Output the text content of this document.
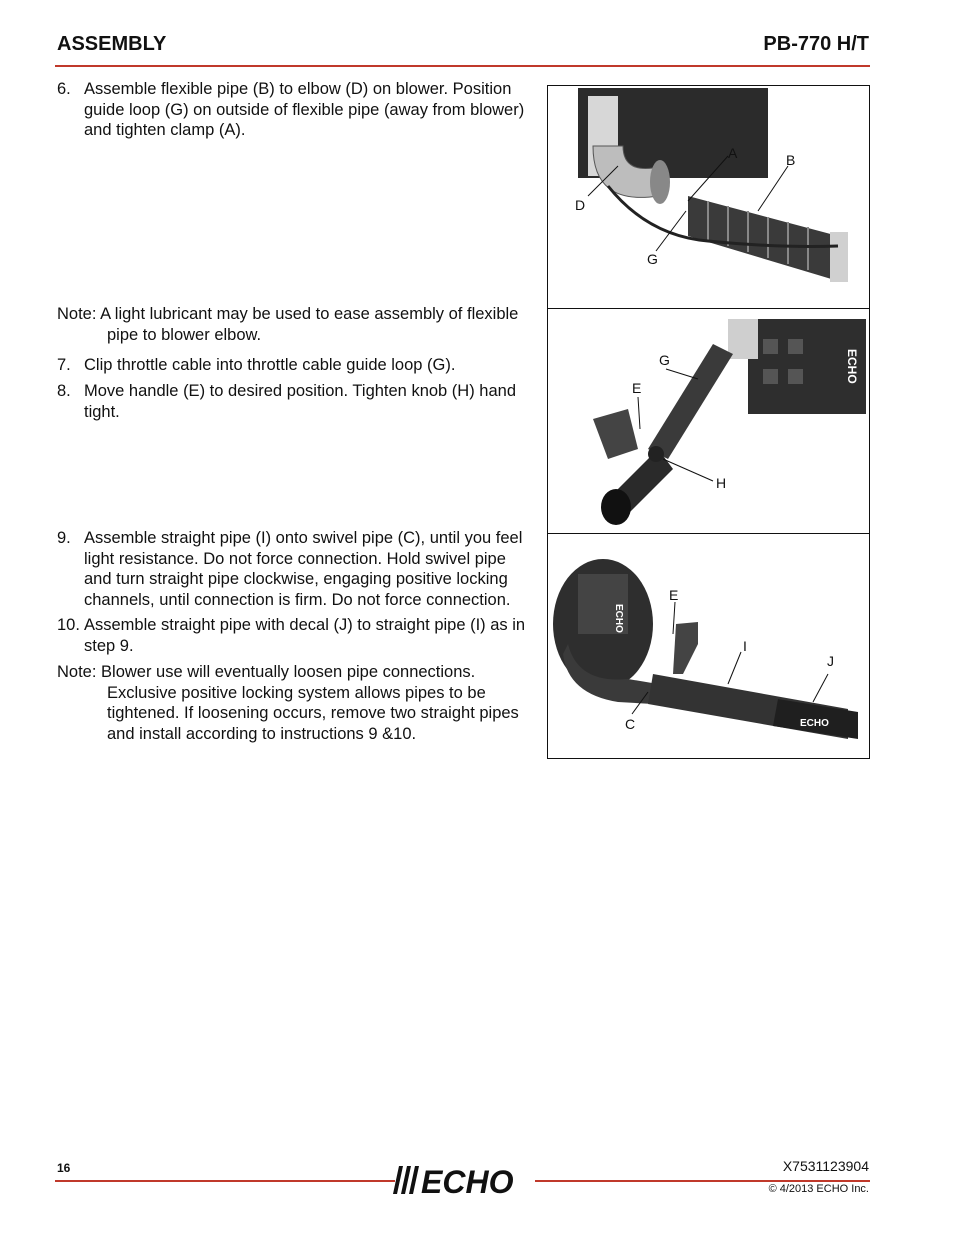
ASSEMBLY	PB-770 H/T
6. Assemble flexible pipe (B) to elbow (D) on blower. Position guide loop (G) on outside of flexible pipe (away from blower) and tighten clamp (A).
Note: A light lubricant may be used to ease assembly of flexible
pipe to blower elbow.
7. Clip throttle cable into throttle cable guide loop (G).
8. Move handle (E) to desired position. Tighten knob (H) hand tight.
9. Assemble straight pipe (I) onto swivel pipe (C), until you feel light resistance. Do not force connection. Hold swivel pipe and turn straight pipe clockwise, engaging positive locking channels, until connection is firm. Do not force connection.
10. Assemble straight pipe with decal (J) to straight pipe (I) as in step 9.
Note: Blower use will eventually loosen pipe connections.
Exclusive positive locking system allows pipes to be tightened. If loosening occurs, remove two straight pipes and install according to instructions 9 &10.
A	B
D
G
ECHO
G
E
H
ECHO
ECHO
E
I
J
C
16	X7531123904
ECHO	© 4/2013 ECHO Inc.
